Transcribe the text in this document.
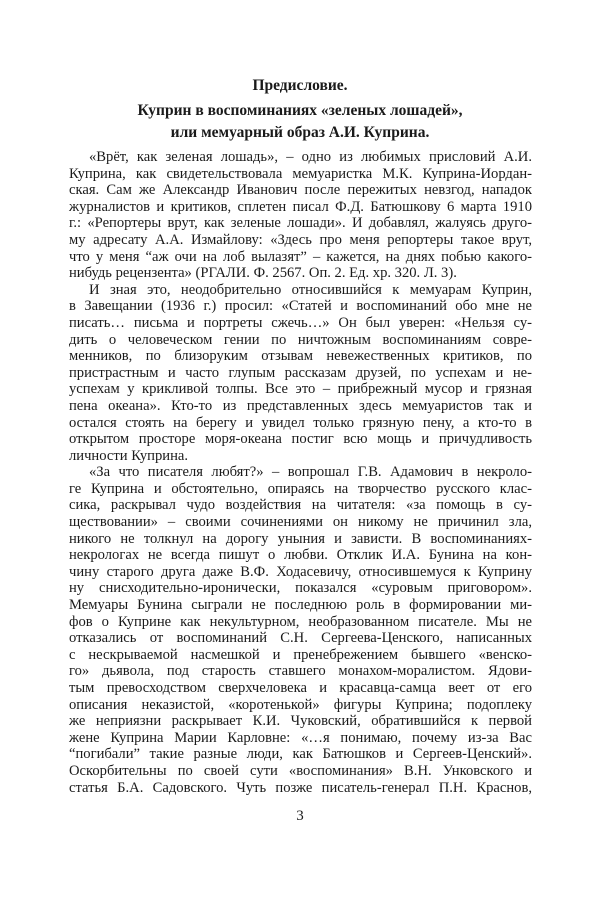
Предисловие.
Куприн в воспоминаниях «зеленых лошадей»,
или мемуарный образ А.И. Куприна.
«Врёт, как зеленая лошадь», – одно из любимых присловий А.И.
Куприна, как свидетельствовала мемуаристка М.К. Куприна-Иордан-
ская. Сам же Александр Иванович после пережитых невзгод, нападок
журналистов и критиков, сплетен писал Ф.Д. Батюшкову 6 марта 1910
г.: «Репортеры врут, как зеленые лошади». И добавлял, жалуясь друго-
му адресату А.А. Измайлову: «Здесь про меня репортеры такое врут,
что у меня “аж очи на лоб вылазят” – кажется, на днях побью какого-
нибудь рецензента» (РГАЛИ. Ф. 2567. Оп. 2. Ед. хр. 320. Л. 3).
И зная это, неодобрительно относившийся к мемуарам Куприн,
в Завещании (1936 г.) просил: «Статей и воспоминаний обо мне не
писать… письма и портреты сжечь…» Он был уверен: «Нельзя су-
дить о человеческом гении по ничтожным воспоминаниям совре-
менников, по близоруким отзывам невежественных критиков, по
пристрастным и часто глупым рассказам друзей, по успехам и не-
успехам у крикливой толпы. Все это – прибрежный мусор и грязная
пена океана». Кто-то из представленных здесь мемуаристов так и
остался стоять на берегу и увидел только грязную пену, а кто-то в
открытом просторе моря-океана постиг всю мощь и причудливость
личности Куприна.
«За что писателя любят?» – вопрошал Г.В. Адамович в некроло-
ге Куприна и обстоятельно, опираясь на творчество русского клас-
сика, раскрывал чудо воздействия на читателя: «за помощь в су-
ществовании» – своими сочинениями он никому не причинил зла,
никого не толкнул на дорогу уныния и зависти. В воспоминаниях-
некрологах не всегда пишут о любви. Отклик И.А. Бунина на кон-
чину старого друга даже В.Ф. Ходасевичу, относившемуся к Куприну
ну снисходительно-иронически, показался «суровым приговором».
Мемуары Бунина сыграли не последнюю роль в формировании ми-
фов о Куприне как некультурном, необразованном писателе. Мы не
отказались от воспоминаний С.Н. Сергеева-Ценского, написанных
с нескрываемой насмешкой и пренебрежением бывшего «венско-
го» дьявола, под старость ставшего монахом-моралистом. Ядови-
тым превосходством сверхчеловека и красавца-самца веет от его
описания неказистой, «коротенькой» фигуры Куприна; подоплеку
же неприязни раскрывает К.И. Чуковский, обратившийся к первой
жене Куприна Марии Карловне: «…я понимаю, почему из-за Вас
“погибали” такие разные люди, как Батюшков и Сергеев-Ценский».
Оскорбительны по своей сути «воспоминания» В.Н. Унковского и
статья Б.А. Садовского. Чуть позже писатель-генерал П.Н. Краснов,
3
